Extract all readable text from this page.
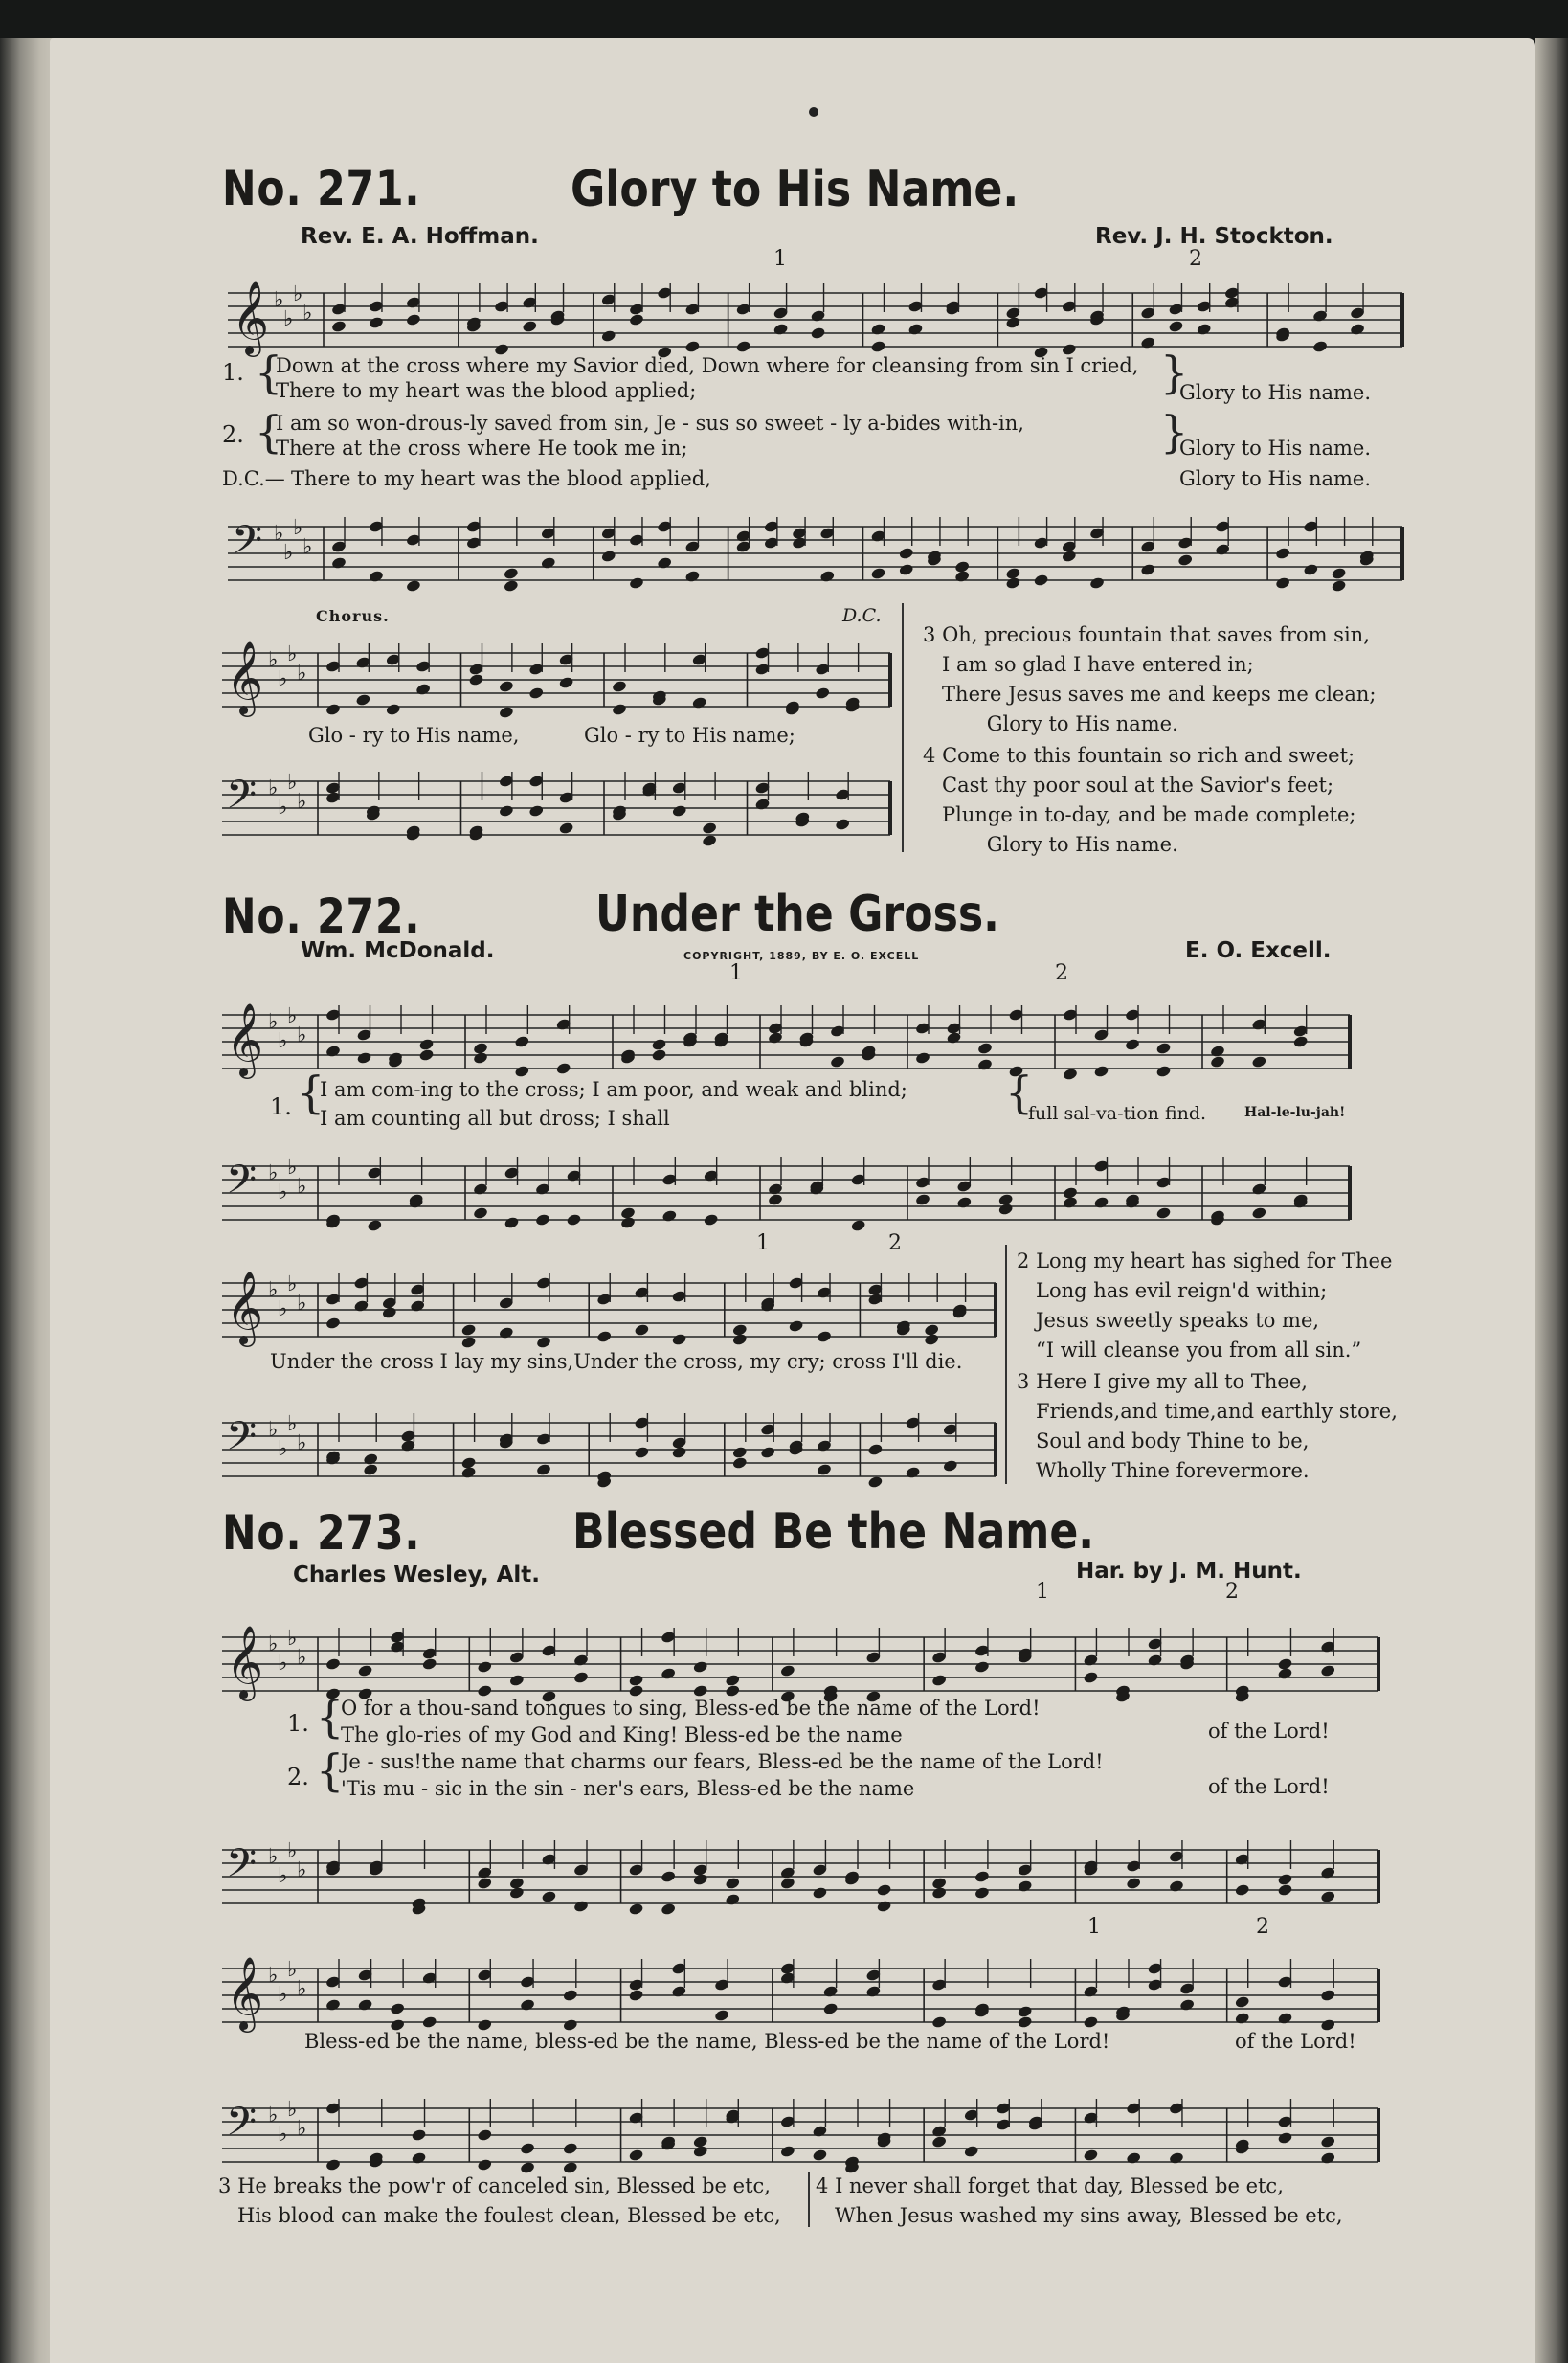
No. 271.	Glory to His Name.
Rev. E. A. Hoffman.	Rev. J. H. Stockton.
𝄞 ♭
♭
♭
♭
1	2
1. {
Down at the cross where my Savior died, Down where for cleansing from sin I cried,
There to my heart was the blood applied;	}
Glory to His name.
2. {
I am so won-drous-ly saved from sin, Je - sus so sweet - ly a-bides with-in,
There at the cross where He took me in;	}
Glory to His name.
D.C.— There to my heart was the blood applied,	Glory to His name.
𝄢 ♭
♭
♭
♭
Chorus.	D.C.
𝄞 ♭
♭
♭
♭
Glo - ry to His name,	Glo - ry to His name;
𝄢 ♭
♭
♭
♭
3 Oh, precious fountain that saves from sin,
I am so glad I have entered in;
There Jesus saves me and keeps me clean;
Glory to His name.
4 Come to this fountain so rich and sweet;
Cast thy poor soul at the Savior's feet;
Plunge in to-day, and be made complete;
Glory to His name.
No. 272.	Under the Gross.
Wm. McDonald.	COPYRIGHT, 1889, BY E. O. EXCELL	E. O. Excell.
1	2
𝄞 ♭
♭
♭
♭
1. {
I am com-ing to the cross; I am poor, and weak and blind;
I am counting all but dross; I shall	{
full sal-va-tion find.	Hal-le-lu-jah!
𝄢 ♭
♭
♭
♭
1	2
𝄞 ♭
♭
♭
♭
Under the cross I lay my sins,Under the cross, my cry; cross I'll die.
𝄢 ♭
♭
♭
♭
2 Long my heart has sighed for Thee
Long has evil reign'd within;
Jesus sweetly speaks to me,
“I will cleanse you from all sin.”
3 Here I give my all to Thee,
Friends,and time,and earthly store,
Soul and body Thine to be,
Wholly Thine forevermore.
No. 273.	Blessed Be the Name.
Charles Wesley, Alt.	Har. by J. M. Hunt.
1	2
𝄞 ♭
♭
♭
♭
1. {
O for a thou-sand tongues to sing, Bless-ed be the name of the Lord!
The glo-ries of my God and King! Bless-ed be the name	of the Lord!
2. {
Je - sus!the name that charms our fears, Bless-ed be the name of the Lord!
'Tis mu - sic in the sin - ner's ears, Bless-ed be the name	of the Lord!
𝄢 ♭
♭
♭
♭
1	2
𝄞 ♭
♭
♭
♭
Bless-ed be the name, bless-ed be the name, Bless-ed be the name of the Lord!	of the Lord!
𝄢 ♭
♭
♭
♭
3 He breaks the pow'r of canceled sin, Blessed be etc,
His blood can make the foulest clean, Blessed be etc,
4 I never shall forget that day, Blessed be etc,
When Jesus washed my sins away, Blessed be etc,
